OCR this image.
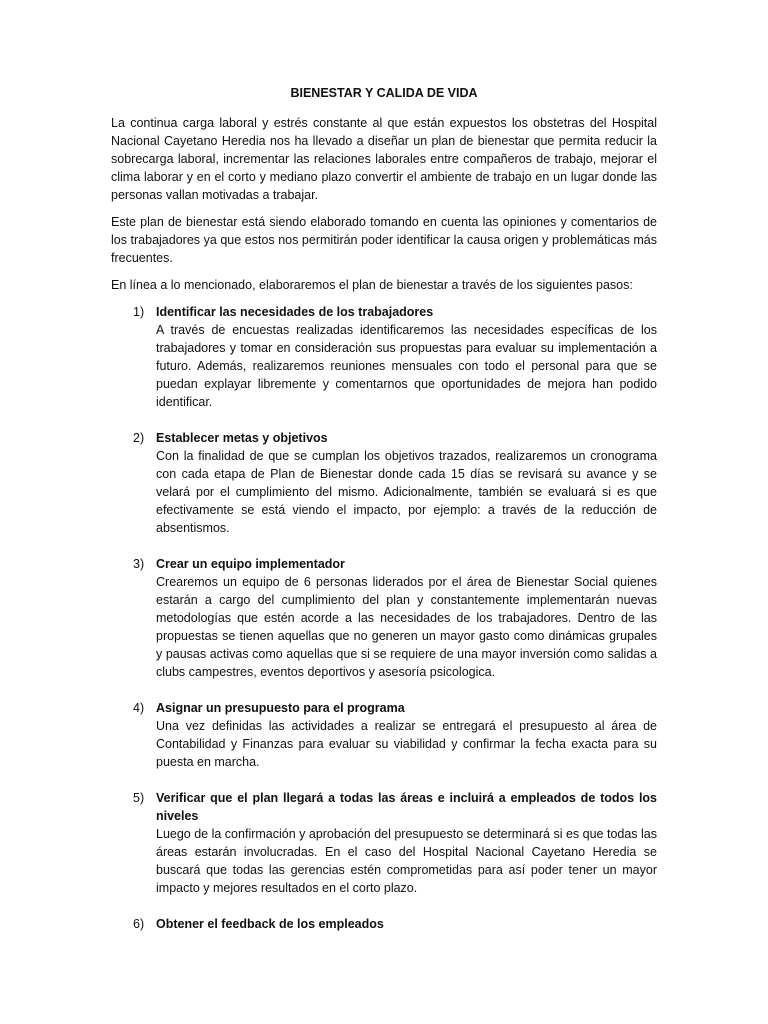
BIENESTAR Y CALIDA DE VIDA

La continua carga laboral y estrés constante al que están expuestos los obstetras del Hospital Nacional Cayetano Heredia nos ha llevado a diseñar un plan de bienestar que permita reducir la sobrecarga laboral, incrementar las relaciones laborales entre compañeros de trabajo, mejorar el clima laborar y en el corto y mediano plazo convertir el ambiente de trabajo en un lugar donde las personas vallan motivadas a trabajar.

Este plan de bienestar está siendo elaborado tomando en cuenta las opiniones y comentarios de los trabajadores ya que estos nos permitirán poder identificar la causa origen y problemáticas más frecuentes.

En línea a lo mencionado, elaboraremos el plan de bienestar a través de los siguientes pasos:

1) Identificar las necesidades de los trabajadores
A través de encuestas realizadas identificaremos las necesidades específicas de los trabajadores y tomar en consideración sus propuestas para evaluar su implementación a futuro. Además, realizaremos reuniones mensuales con todo el personal para que se puedan explayar libremente y comentarnos que oportunidades de mejora han podido identificar.
2) Establecer metas y objetivos
Con la finalidad de que se cumplan los objetivos trazados, realizaremos un cronograma con cada etapa de Plan de Bienestar donde cada 15 días se revisará su avance y se velará por el cumplimiento del mismo. Adicionalmente, también se evaluará si es que efectivamente se está viendo el impacto, por ejemplo: a través de la reducción de absentismos.
3) Crear un equipo implementador
Crearemos un equipo de 6 personas liderados por el área de Bienestar Social quienes estarán a cargo del cumplimiento del plan y constantemente implementarán nuevas metodologías que estén acorde a las necesidades de los trabajadores. Dentro de las propuestas se tienen aquellas que no generen un mayor gasto como dinámicas grupales y pausas activas como aquellas que si se requiere de una mayor inversión como salidas a clubs campestres, eventos deportivos y asesoría psicologica.
4) Asignar un presupuesto para el programa
Una vez definidas las actividades a realizar se entregará el presupuesto al área de Contabilidad y Finanzas para evaluar su viabilidad y confirmar la fecha exacta para su puesta en marcha.
5) Verificar que el plan llegará a todas las áreas e incluirá a empleados de todos los niveles
Luego de la confirmación y aprobación del presupuesto se determinará si es que todas las áreas estarán involucradas. En el caso del Hospital Nacional Cayetano Heredia se buscará que todas las gerencias estén comprometidas para así poder tener un mayor impacto y mejores resultados en el corto plazo.
6) Obtener el feedback de los empleados
